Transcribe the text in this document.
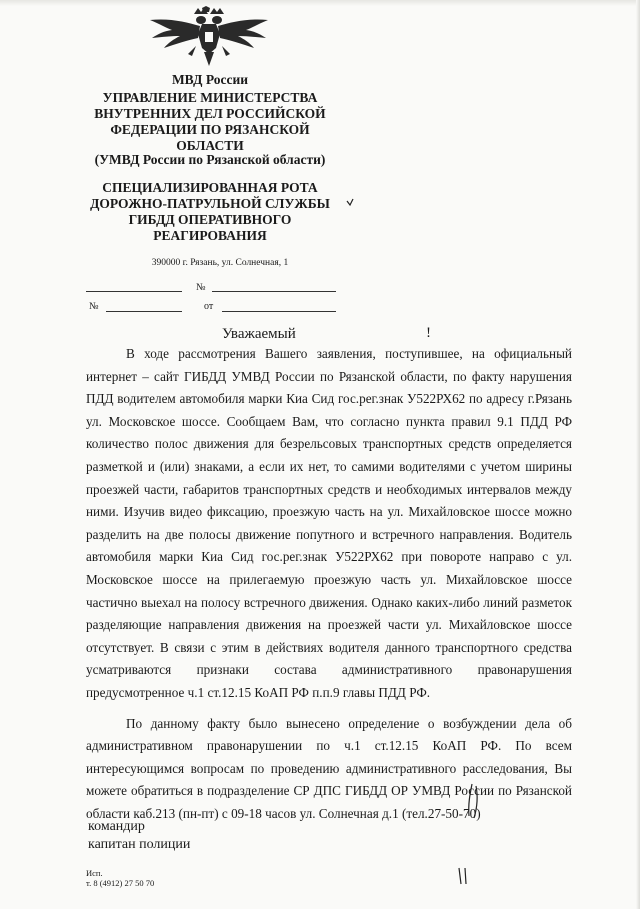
МВД России
УПРАВЛЕНИЕ МИНИСТЕРСТВА
ВНУТРЕННИХ ДЕЛ РОССИЙСКОЙ
ФЕДЕРАЦИИ ПО РЯЗАНСКОЙ
ОБЛАСТИ
(УМВД России по Рязанской области)
СПЕЦИАЛИЗИРОВАННАЯ РОТА
ДОРОЖНО-ПАТРУЛЬНОЙ СЛУЖБЫ
ГИБДД ОПЕРАТИВНОГО
РЕАГИРОВАНИЯ
390000 г. Рязань, ул. Солнечная, 1
№
№	от
Уважаемый	!

В ходе рассмотрения Вашего заявления, поступившее, на официальный интернет – сайт ГИБДД УМВД России по Рязанской области, по факту нарушения ПДД водителем автомобиля марки Киа Сид гос.рег.знак У522РХ62 по адресу г.Рязань ул. Московское шоссе. Сообщаем Вам, что согласно пункта правил 9.1 ПДД РФ количество полос движения для безрельсовых транспортных средств определяется разметкой и (или) знаками, а если их нет, то самими водителями с учетом ширины проезжей части, габаритов транспортных средств и необходимых интервалов между ними. Изучив видео фиксацию, проезжую часть на ул. Михайловское шоссе можно разделить на две полосы движение попутного и встречного направления. Водитель автомобиля марки Киа Сид гос.рег.знак У522РХ62 при повороте направо с ул. Московское шоссе на прилегаемую проезжую часть ул. Михайловское шоссе частично выехал на полосу встречного движения. Однако каких-либо линий разметок разделяющие направления движения на проезжей части ул. Михайловское шоссе отсутствует. В связи с этим в действиях водителя данного транспортного средства усматриваются признаки состава административного правонарушения предусмотренное ч.1 ст.12.15 КоАП РФ п.п.9 главы ПДД РФ.

По данному факту было вынесено определение о возбуждении дела об административном правонарушении по ч.1 ст.12.15 КоАП РФ. По всем интересующимся вопросам по проведению административного расследования, Вы можете обратиться в подразделение СР ДПС ГИБДД ОР УМВД России по Рязанской области каб.213 (пн-пт) с 09-18 часов ул. Солнечная д.1 (тел.27-50-70)

командир
капитан полиции
Исп.
т. 8 (4912) 27 50 70
